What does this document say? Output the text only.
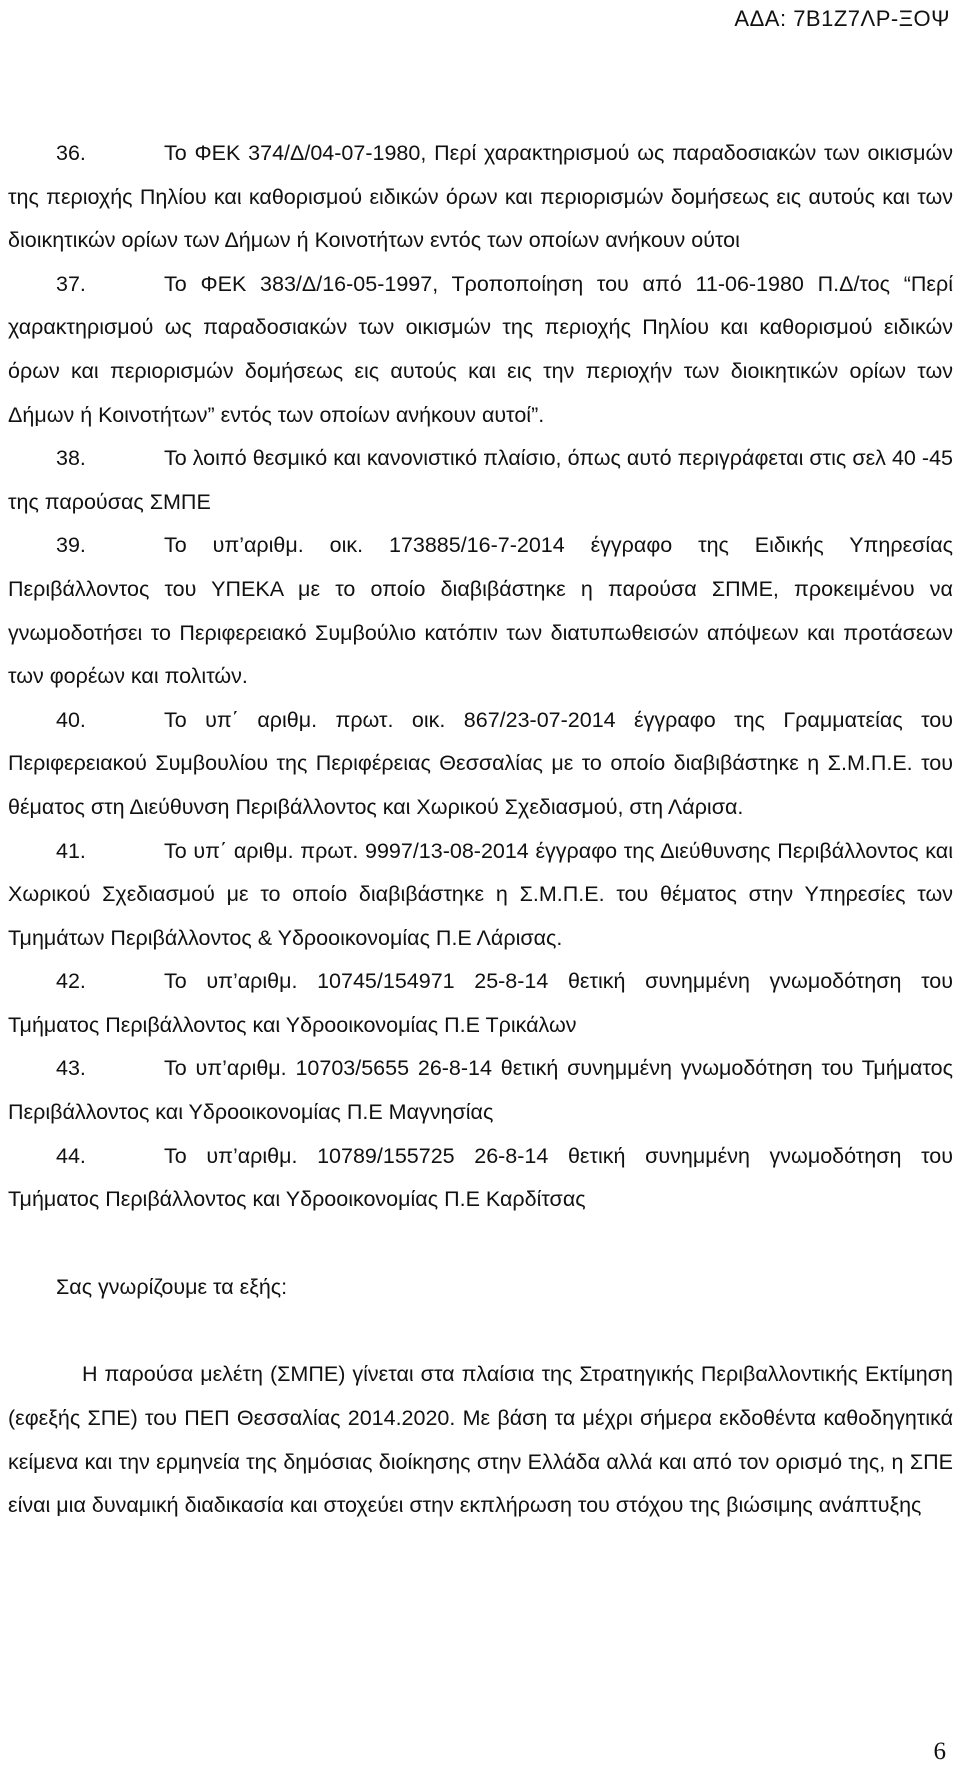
ΑΔΑ: 7Β1Ζ7ΛΡ-ΞΟΨ

36.	Το ΦΕΚ 374/Δ/04-07-1980, Περί χαρακτηρισμού ως παραδοσιακών των οικισμών της περιοχής Πηλίου και καθορισμού ειδικών όρων και περιορισμών δομήσεως εις αυτούς και των διοικητικών ορίων των Δήμων ή Κοινοτήτων εντός των οποίων ανήκουν ούτοι

37.	Το ΦΕΚ 383/Δ/16-05-1997, Τροποποίηση του από 11-06-1980 Π.Δ/τος “Περί χαρακτηρισμού ως παραδοσιακών των οικισμών της περιοχής Πηλίου και καθορισμού ειδικών όρων και περιορισμών δομήσεως εις αυτούς και εις την περιοχήν των διοικητικών ορίων των Δήμων ή Κοινοτήτων” εντός των οποίων ανήκουν αυτοί”.

38.	Το λοιπό θεσμικό και κανονιστικό πλαίσιο, όπως αυτό περιγράφεται στις σελ 40 -45 της παρούσας ΣΜΠΕ

39.	Το υπ’αριθμ. οικ. 173885/16-7-2014 έγγραφο της Ειδικής Υπηρεσίας Περιβάλλοντος του ΥΠΕΚΑ με το οποίο διαβιβάστηκε η παρούσα ΣΠΜΕ, προκειμένου να γνωμοδοτήσει το Περιφερειακό Συμβούλιο κατόπιν των διατυπωθεισών απόψεων και προτάσεων των φορέων και πολιτών.

40.	Το υπ΄ αριθμ. πρωτ. οικ. 867/23-07-2014 έγγραφο της Γραμματείας του Περιφερειακού Συμβουλίου της Περιφέρειας Θεσσαλίας με το οποίο διαβιβάστηκε η Σ.Μ.Π.Ε. του θέματος στη Διεύθυνση Περιβάλλοντος και Χωρικού Σχεδιασμού, στη Λάρισα.

41.	Το υπ΄ αριθμ. πρωτ. 9997/13-08-2014 έγγραφο της Διεύθυνσης Περιβάλλοντος και Χωρικού Σχεδιασμού με το οποίο διαβιβάστηκε η Σ.Μ.Π.Ε. του θέματος στην Υπηρεσίες των Τμημάτων Περιβάλλοντος & Υδροοικονομίας Π.Ε Λάρισας.

42.	Το υπ’αριθμ. 10745/154971 25-8-14 θετική συνημμένη γνωμοδότηση του Τμήματος Περιβάλλοντος και Υδροοικονομίας Π.Ε Τρικάλων

43.	Το υπ’αριθμ. 10703/5655 26-8-14 θετική συνημμένη γνωμοδότηση του Τμήματος Περιβάλλοντος και Υδροοικονομίας Π.Ε Μαγνησίας

44.	Το υπ’αριθμ. 10789/155725 26-8-14 θετική συνημμένη γνωμοδότηση του Τμήματος Περιβάλλοντος και Υδροοικονομίας Π.Ε Καρδίτσας

Σας γνωρίζουμε τα εξής:

Η παρούσα μελέτη (ΣΜΠΕ) γίνεται στα πλαίσια της Στρατηγικής Περιβαλλοντικής Εκτίμηση (εφεξής ΣΠΕ) του ΠΕΠ Θεσσαλίας 2014.2020. Με βάση τα μέχρι σήμερα εκδοθέντα καθοδηγητικά κείμενα και την ερμηνεία της δημόσιας διοίκησης στην Ελλάδα αλλά και από τον ορισμό της, η ΣΠΕ είναι μια δυναμική διαδικασία και στοχεύει στην εκπλήρωση του στόχου της βιώσιμης ανάπτυξης

6
